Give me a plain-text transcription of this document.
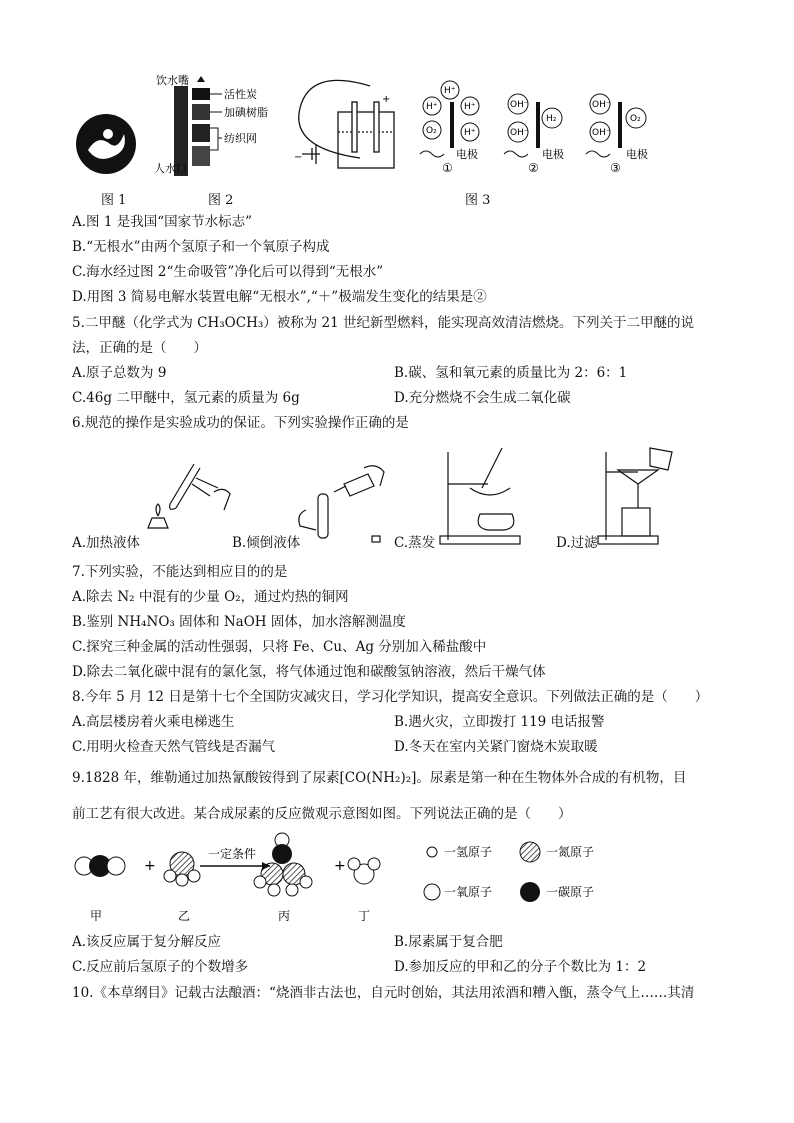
饮水嘴
活性炭
加碘树脂
纺织网
人水口
−
+
H⁺
H⁺
H⁺
H⁺
O₂
电极
①
OH⁻
OH⁻
H₂
电极
②
OH⁻
OH⁻
O₂
电极
③
图 1	图 2	图 3
A.图 1 是我国“国家节水标志”
B.“无根水”由两个氢原子和一个氧原子构成
C.海水经过图 2“生命吸管”净化后可以得到“无根水”
D.用图 3 简易电解水装置电解“无根水”,“＋”极端发生变化的结果是②
5.二甲醚（化学式为 CH₃OCH₃）被称为 21 世纪新型燃料，能实现高效清洁燃烧。下列关于二甲醚的说
法，正确的是（　　）
A.原子总数为 9	B.碳、氢和氧元素的质量比为 2：6：1
C.46g 二甲醚中，氢元素的质量为 6g	D.充分燃烧不会生成二氧化碳
6.规范的操作是实验成功的保证。下列实验操作正确的是
A.加热液体	B.倾倒液体	C.蒸发	D.过滤
7.下列实验，不能达到相应目的的是
A.除去 N₂ 中混有的少量 O₂，通过灼热的铜网
B.鉴别 NH₄NO₃ 固体和 NaOH 固体，加水溶解测温度
C.探究三种金属的活动性强弱，只将 Fe、Cu、Ag 分别加入稀盐酸中
D.除去二氧化碳中混有的氯化氢，将气体通过饱和碳酸氢钠溶液，然后干燥气体
8.今年 5 月 12 日是第十七个全国防灾减灾日，学习化学知识，提高安全意识。下列做法正确的是（　　）
A.高层楼房着火乘电梯逃生	B.遇火灾，立即拨打 119 电话报警
C.用明火检查天然气管线是否漏气	D.冬天在室内关紧门窗烧木炭取暖
9.1828 年，维勒通过加热氰酸铵得到了尿素[CO(NH₂)₂]。尿素是第一种在生物体外合成的有机物，目
前工艺有很大改进。某合成尿素的反应微观示意图如图。下列说法正确的是（　　）
+
一定条件
+
甲	乙	丙	丁
一氢原子	一氮原子
一氧原子	一碳原子
A.该反应属于复分解反应	B.尿素属于复合肥
C.反应前后氢原子的个数增多	D.参加反应的甲和乙的分子个数比为 1：2
10.《本草纲目》记载古法酿酒：“烧酒非古法也，自元时创始，其法用浓酒和糟入甑，蒸令气上……其清
